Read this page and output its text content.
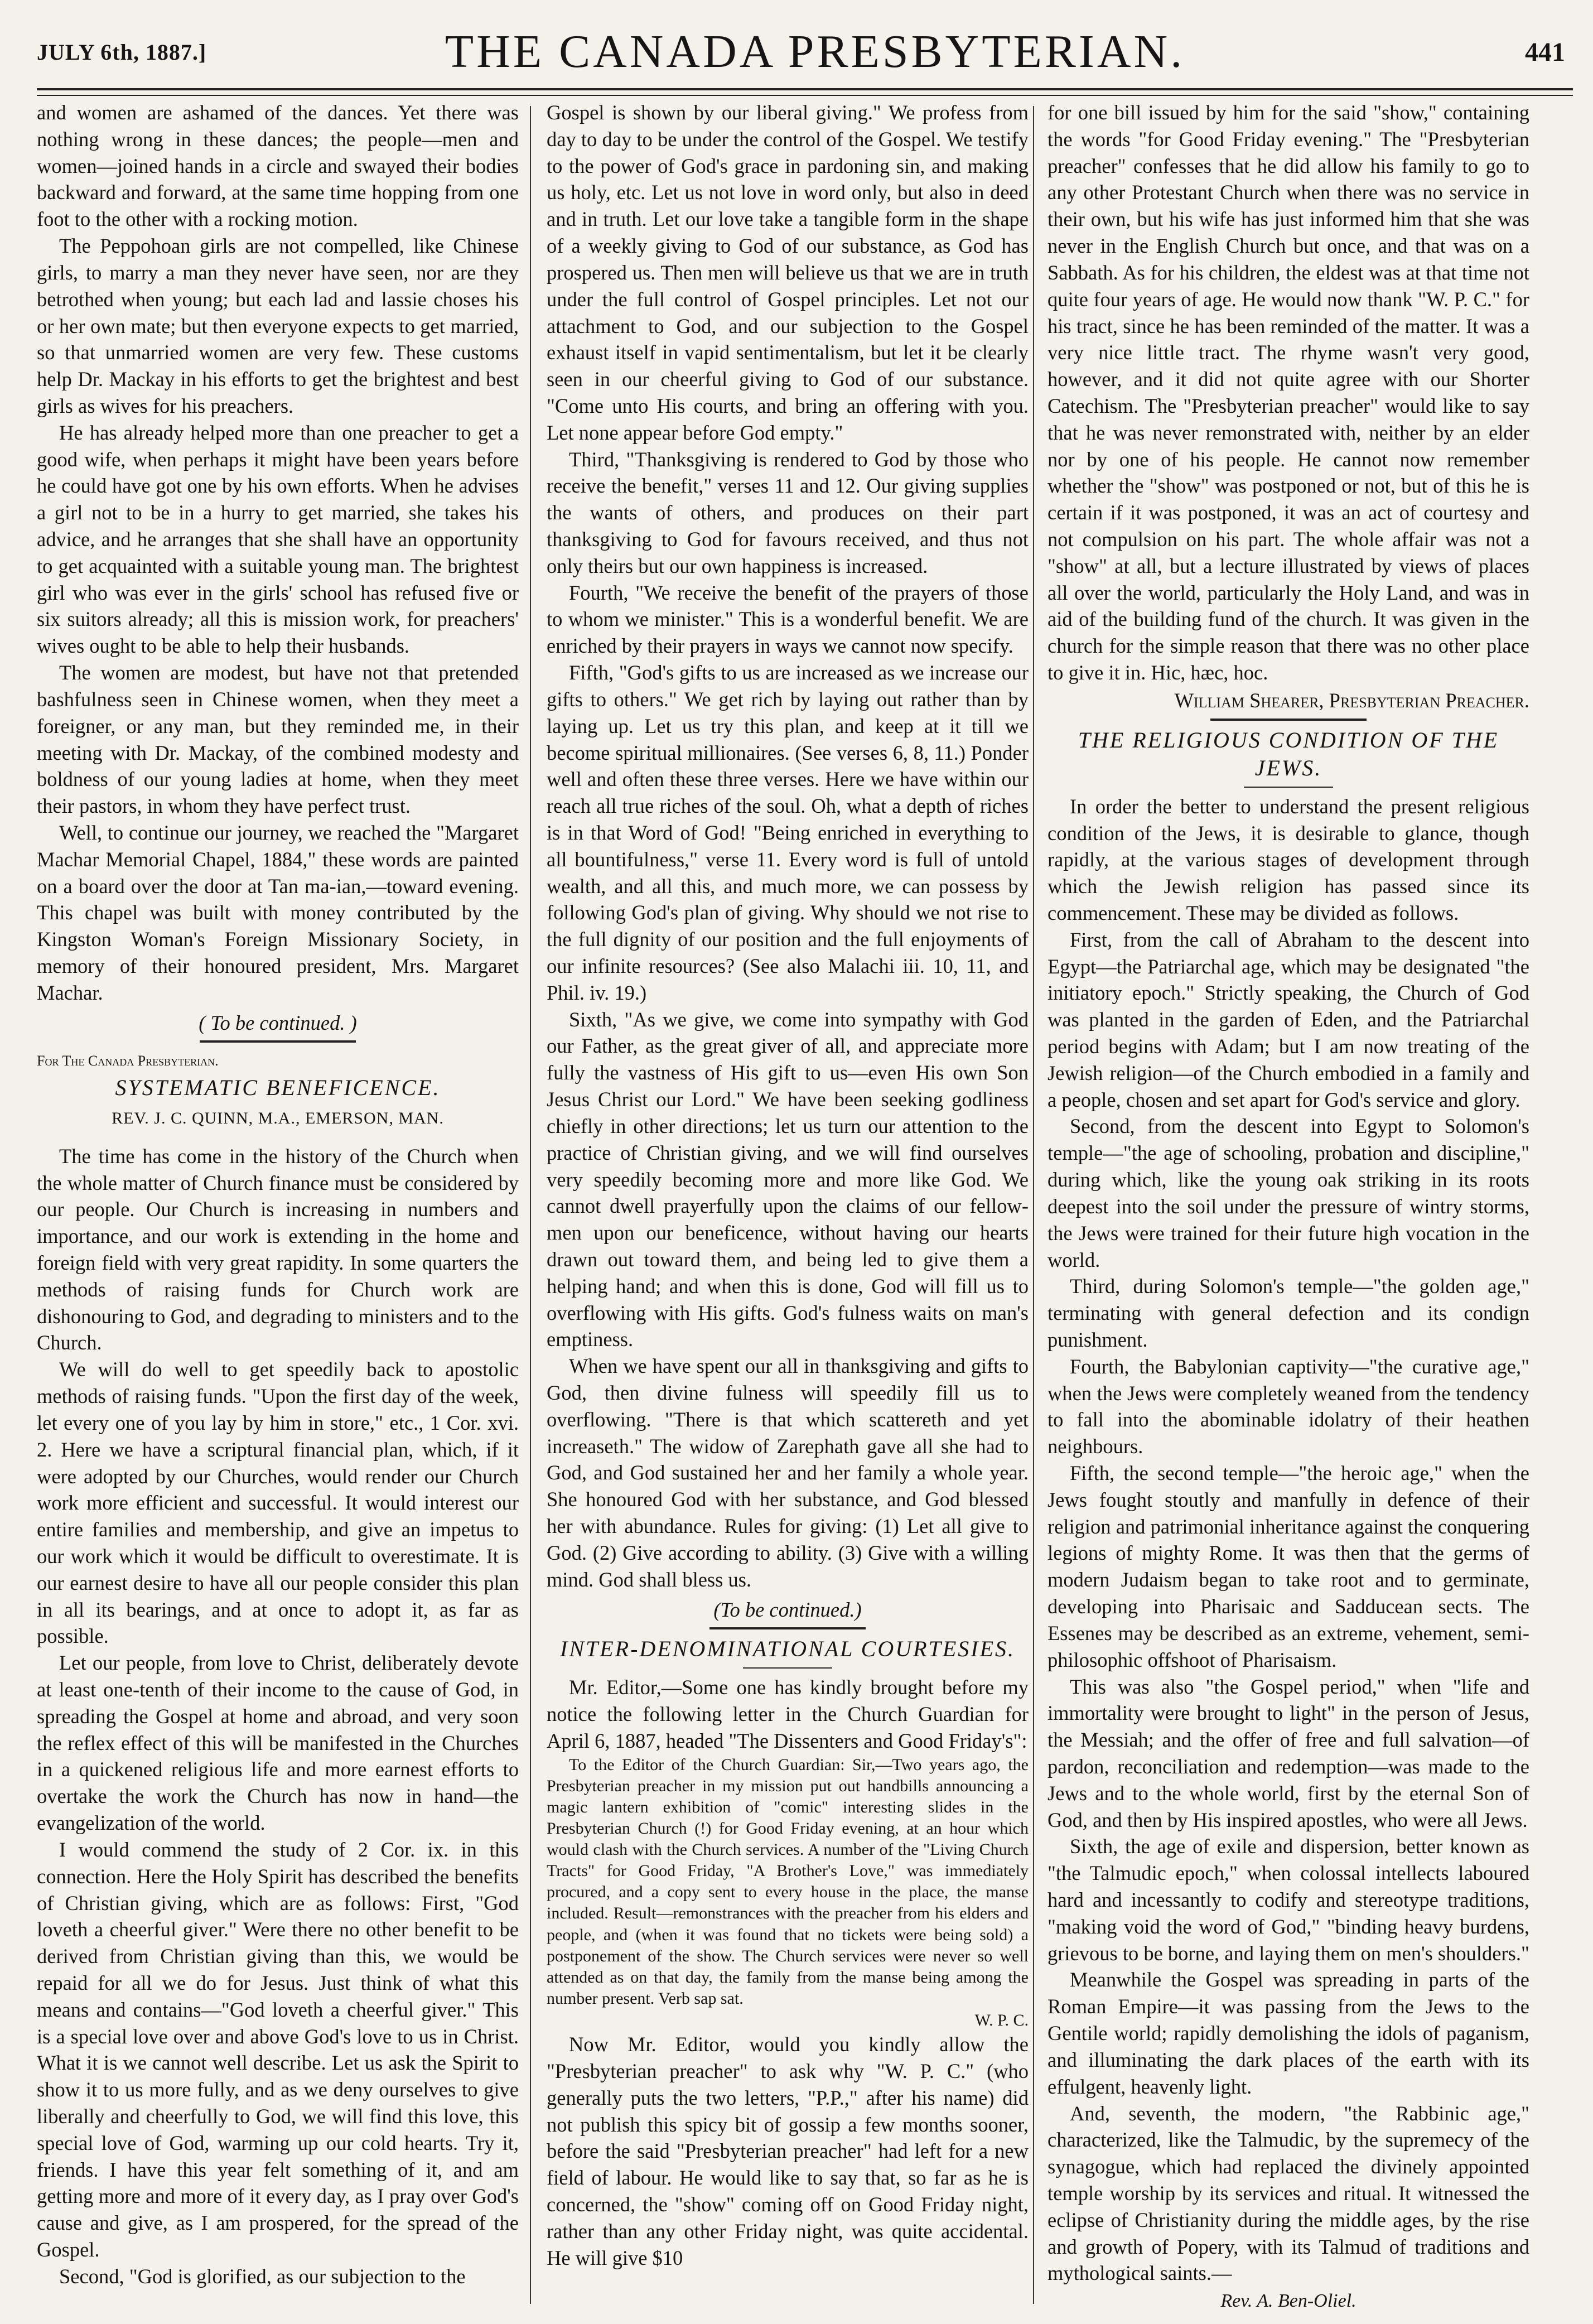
JULY 6th, 1887.]	THE CANADA PRESBYTERIAN.	441

and women are ashamed of the dances. Yet there was nothing wrong in these dances; the people—men and women—joined hands in a circle and swayed their bodies backward and forward, at the same time hopping from one foot to the other with a rocking motion.

The Peppohoan girls are not compelled, like Chinese girls, to marry a man they never have seen, nor are they betrothed when young; but each lad and lassie choses his or her own mate; but then everyone expects to get married, so that unmarried women are very few. These customs help Dr. Mackay in his efforts to get the brightest and best girls as wives for his preachers.

He has already helped more than one preacher to get a good wife, when perhaps it might have been years before he could have got one by his own efforts. When he advises a girl not to be in a hurry to get married, she takes his advice, and he arranges that she shall have an opportunity to get acquainted with a suitable young man. The brightest girl who was ever in the girls' school has refused five or six suitors already; all this is mission work, for preachers' wives ought to be able to help their husbands.

The women are modest, but have not that pretended bashfulness seen in Chinese women, when they meet a foreigner, or any man, but they reminded me, in their meeting with Dr. Mackay, of the combined modesty and boldness of our young ladies at home, when they meet their pastors, in whom they have perfect trust.

Well, to continue our journey, we reached the "Margaret Machar Memorial Chapel, 1884," these words are painted on a board over the door at Tan ma-ian,—toward evening. This chapel was built with money contributed by the Kingston Woman's Foreign Missionary Society, in memory of their honoured president, Mrs. Margaret Machar.

( To be continued. )
For The Canada Presbyterian.
SYSTEMATIC BENEFICENCE.
REV. J. C. QUINN, M.A., EMERSON, MAN.

The time has come in the history of the Church when the whole matter of Church finance must be considered by our people. Our Church is increasing in numbers and importance, and our work is extending in the home and foreign field with very great rapidity. In some quarters the methods of raising funds for Church work are dishonouring to God, and degrading to ministers and to the Church.

We will do well to get speedily back to apostolic methods of raising funds. "Upon the first day of the week, let every one of you lay by him in store," etc., 1 Cor. xvi. 2. Here we have a scriptural financial plan, which, if it were adopted by our Churches, would render our Church work more efficient and successful. It would interest our entire families and membership, and give an impetus to our work which it would be difficult to overestimate. It is our earnest desire to have all our people consider this plan in all its bearings, and at once to adopt it, as far as possible.

Let our people, from love to Christ, deliberately devote at least one-tenth of their income to the cause of God, in spreading the Gospel at home and abroad, and very soon the reflex effect of this will be manifested in the Churches in a quickened religious life and more earnest efforts to overtake the work the Church has now in hand—the evangelization of the world.

I would commend the study of 2 Cor. ix. in this connection. Here the Holy Spirit has described the benefits of Christian giving, which are as follows: First, "God loveth a cheerful giver." Were there no other benefit to be derived from Christian giving than this, we would be repaid for all we do for Jesus. Just think of what this means and contains—"God loveth a cheerful giver." This is a special love over and above God's love to us in Christ. What it is we cannot well describe. Let us ask the Spirit to show it to us more fully, and as we deny ourselves to give liberally and cheerfully to God, we will find this love, this special love of God, warming up our cold hearts. Try it, friends. I have this year felt something of it, and am getting more and more of it every day, as I pray over God's cause and give, as I am prospered, for the spread of the Gospel.

Second, "God is glorified, as our subjection to the

Gospel is shown by our liberal giving." We profess from day to day to be under the control of the Gospel. We testify to the power of God's grace in pardoning sin, and making us holy, etc. Let us not love in word only, but also in deed and in truth. Let our love take a tangible form in the shape of a weekly giving to God of our substance, as God has prospered us. Then men will believe us that we are in truth under the full control of Gospel principles. Let not our attachment to God, and our subjection to the Gospel exhaust itself in vapid sentimentalism, but let it be clearly seen in our cheerful giving to God of our substance. "Come unto His courts, and bring an offering with you. Let none appear before God empty."

Third, "Thanksgiving is rendered to God by those who receive the benefit," verses 11 and 12. Our giving supplies the wants of others, and produces on their part thanksgiving to God for favours received, and thus not only theirs but our own happiness is increased.

Fourth, "We receive the benefit of the prayers of those to whom we minister." This is a wonderful benefit. We are enriched by their prayers in ways we cannot now specify.

Fifth, "God's gifts to us are increased as we increase our gifts to others." We get rich by laying out rather than by laying up. Let us try this plan, and keep at it till we become spiritual millionaires. (See verses 6, 8, 11.) Ponder well and often these three verses. Here we have within our reach all true riches of the soul. Oh, what a depth of riches is in that Word of God! "Being enriched in everything to all bountifulness," verse 11. Every word is full of untold wealth, and all this, and much more, we can possess by following God's plan of giving. Why should we not rise to the full dignity of our position and the full enjoyments of our infinite resources? (See also Malachi iii. 10, 11, and Phil. iv. 19.)

Sixth, "As we give, we come into sympathy with God our Father, as the great giver of all, and appreciate more fully the vastness of His gift to us—even His own Son Jesus Christ our Lord." We have been seeking godliness chiefly in other directions; let us turn our attention to the practice of Christian giving, and we will find ourselves very speedily becoming more and more like God. We cannot dwell prayerfully upon the claims of our fellow-men upon our beneficence, without having our hearts drawn out toward them, and being led to give them a helping hand; and when this is done, God will fill us to overflowing with His gifts. God's fulness waits on man's emptiness.

When we have spent our all in thanksgiving and gifts to God, then divine fulness will speedily fill us to overflowing. "There is that which scattereth and yet increaseth." The widow of Zarephath gave all she had to God, and God sustained her and her family a whole year. She honoured God with her substance, and God blessed her with abundance. Rules for giving: (1) Let all give to God. (2) Give according to ability. (3) Give with a willing mind. God shall bless us.

(To be continued.)
INTER-DENOMINATIONAL COURTESIES.

Mr. Editor,—Some one has kindly brought before my notice the following letter in the Church Guardian for April 6, 1887, headed "The Dissenters and Good Friday's":

To the Editor of the Church Guardian: Sir,—Two years ago, the Presbyterian preacher in my mission put out handbills announcing a magic lantern exhibition of "comic" interesting slides in the Presbyterian Church (!) for Good Friday evening, at an hour which would clash with the Church services. A number of the "Living Church Tracts" for Good Friday, "A Brother's Love," was immediately procured, and a copy sent to every house in the place, the manse included. Result—remonstrances with the preacher from his elders and people, and (when it was found that no tickets were being sold) a postponement of the show. The Church services were never so well attended as on that day, the family from the manse being among the number present. Verb sap sat.

W. P. C.

Now Mr. Editor, would you kindly allow the "Presbyterian preacher" to ask why "W. P. C." (who generally puts the two letters, "P.P.," after his name) did not publish this spicy bit of gossip a few months sooner, before the said "Presbyterian preacher" had left for a new field of labour. He would like to say that, so far as he is concerned, the "show" coming off on Good Friday night, rather than any other Friday night, was quite accidental. He will give $10

for one bill issued by him for the said "show," containing the words "for Good Friday evening." The "Presbyterian preacher" confesses that he did allow his family to go to any other Protestant Church when there was no service in their own, but his wife has just informed him that she was never in the English Church but once, and that was on a Sabbath. As for his children, the eldest was at that time not quite four years of age. He would now thank "W. P. C." for his tract, since he has been reminded of the matter. It was a very nice little tract. The rhyme wasn't very good, however, and it did not quite agree with our Shorter Catechism. The "Presbyterian preacher" would like to say that he was never remonstrated with, neither by an elder nor by one of his people. He cannot now remember whether the "show" was postponed or not, but of this he is certain if it was postponed, it was an act of courtesy and not compulsion on his part. The whole affair was not a "show" at all, but a lecture illustrated by views of places all over the world, particularly the Holy Land, and was in aid of the building fund of the church. It was given in the church for the simple reason that there was no other place to give it in. Hic, hæc, hoc.

William Shearer, Presbyterian Preacher.
THE RELIGIOUS CONDITION OF THE JEWS.

In order the better to understand the present religious condition of the Jews, it is desirable to glance, though rapidly, at the various stages of development through which the Jewish religion has passed since its commencement. These may be divided as follows.

First, from the call of Abraham to the descent into Egypt—the Patriarchal age, which may be designated "the initiatory epoch." Strictly speaking, the Church of God was planted in the garden of Eden, and the Patriarchal period begins with Adam; but I am now treating of the Jewish religion—of the Church embodied in a family and a people, chosen and set apart for God's service and glory.

Second, from the descent into Egypt to Solomon's temple—"the age of schooling, probation and discipline," during which, like the young oak striking in its roots deepest into the soil under the pressure of wintry storms, the Jews were trained for their future high vocation in the world.

Third, during Solomon's temple—"the golden age," terminating with general defection and its condign punishment.

Fourth, the Babylonian captivity—"the curative age," when the Jews were completely weaned from the tendency to fall into the abominable idolatry of their heathen neighbours.

Fifth, the second temple—"the heroic age," when the Jews fought stoutly and manfully in defence of their religion and patrimonial inheritance against the conquering legions of mighty Rome. It was then that the germs of modern Judaism began to take root and to germinate, developing into Pharisaic and Sadducean sects. The Essenes may be described as an extreme, vehement, semi-philosophic offshoot of Pharisaism.

This was also "the Gospel period," when "life and immortality were brought to light" in the person of Jesus, the Messiah; and the offer of free and full salvation—of pardon, reconciliation and redemption—was made to the Jews and to the whole world, first by the eternal Son of God, and then by His inspired apostles, who were all Jews.

Sixth, the age of exile and dispersion, better known as "the Talmudic epoch," when colossal intellects laboured hard and incessantly to codify and stereotype traditions, "making void the word of God," "binding heavy burdens, grievous to be borne, and laying them on men's shoulders."

Meanwhile the Gospel was spreading in parts of the Roman Empire—it was passing from the Jews to the Gentile world; rapidly demolishing the idols of paganism, and illuminating the dark places of the earth with its effulgent, heavenly light.

And, seventh, the modern, "the Rabbinic age," characterized, like the Talmudic, by the supremecy of the synagogue, which had replaced the divinely appointed temple worship by its services and ritual. It witnessed the eclipse of Christianity during the middle ages, by the rise and growth of Popery, with its Talmud of traditions and mythological saints.—

Rev. A. Ben-Oliel.
